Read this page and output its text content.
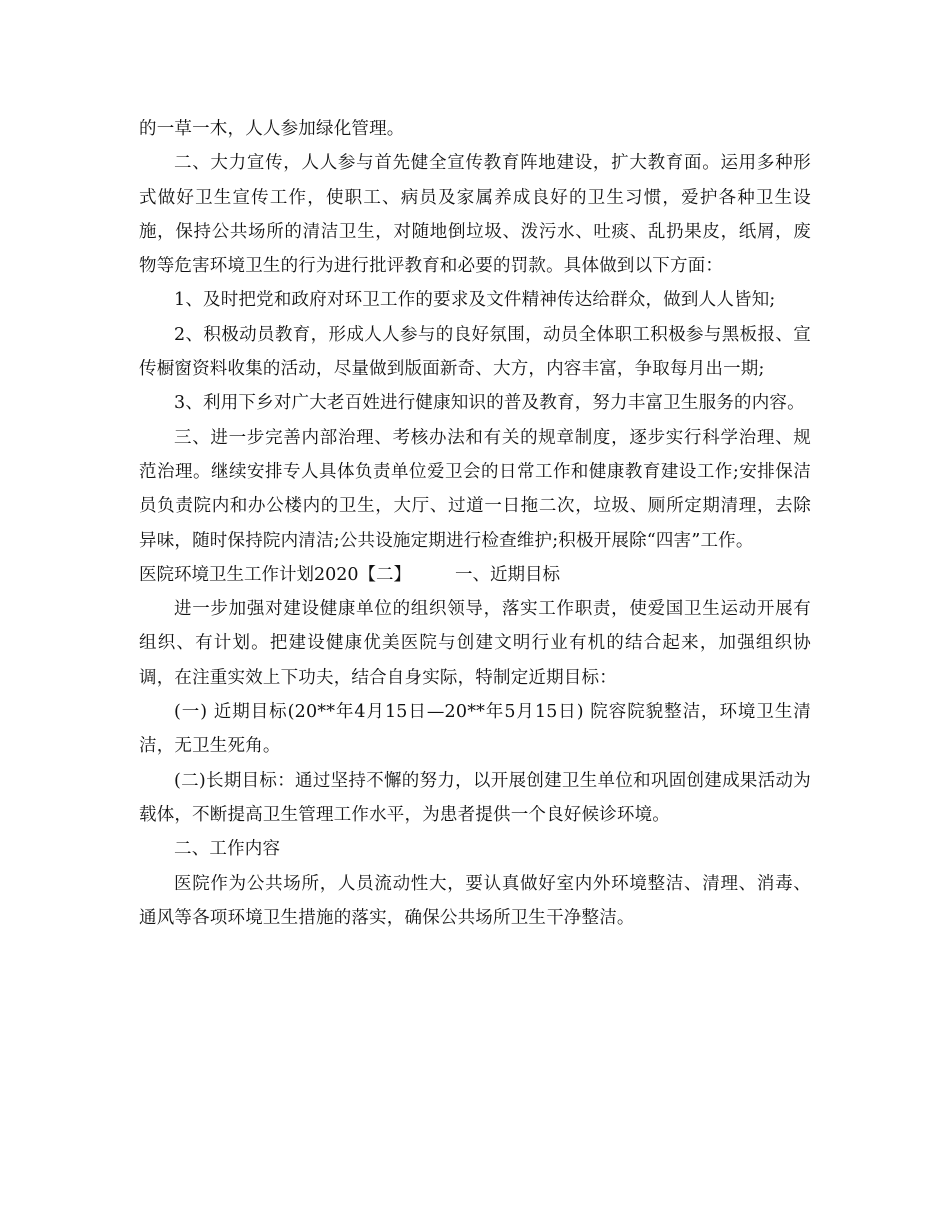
的一草一木，人人参加绿化管理。

二、大力宣传，人人参与首先健全宣传教育阵地建设，扩大教育面。运用多种形式做好卫生宣传工作，使职工、病员及家属养成良好的卫生习惯，爱护各种卫生设施，保持公共场所的清洁卫生，对随地倒垃圾、泼污水、吐痰、乱扔果皮，纸屑，废物等危害环境卫生的行为进行批评教育和必要的罚款。具体做到以下方面：

1、及时把党和政府对环卫工作的要求及文件精神传达给群众，做到人人皆知;

2、积极动员教育，形成人人参与的良好氛围，动员全体职工积极参与黑板报、宣传橱窗资料收集的活动，尽量做到版面新奇、大方，内容丰富，争取每月出一期;

3、利用下乡对广大老百姓进行健康知识的普及教育，努力丰富卫生服务的内容。

三、进一步完善内部治理、考核办法和有关的规章制度，逐步实行科学治理、规范治理。继续安排专人具体负责单位爱卫会的日常工作和健康教育建设工作;安排保洁员负责院内和办公楼内的卫生，大厅、过道一日拖二次，垃圾、厕所定期清理，去除异味，随时保持院内清洁;公共设施定期进行检查维护;积极开展除“四害”工作。

医院环境卫生工作计划2020【二】	一、近期目标

进一步加强对建设健康单位的组织领导，落实工作职责，使爱国卫生运动开展有组织、有计划。把建设健康优美医院与创建文明行业有机的结合起来，加强组织协调，在注重实效上下功夫，结合自身实际，特制定近期目标：

(一) 近期目标(20**年4月15日—20**年5月15日) 院容院貌整洁，环境卫生清洁，无卫生死角。

(二)长期目标：通过坚持不懈的努力，以开展创建卫生单位和巩固创建成果活动为载体，不断提高卫生管理工作水平，为患者提供一个良好候诊环境。

二、工作内容

医院作为公共场所，人员流动性大，要认真做好室内外环境整洁、清理、消毒、通风等各项环境卫生措施的落实，确保公共场所卫生干净整洁。
